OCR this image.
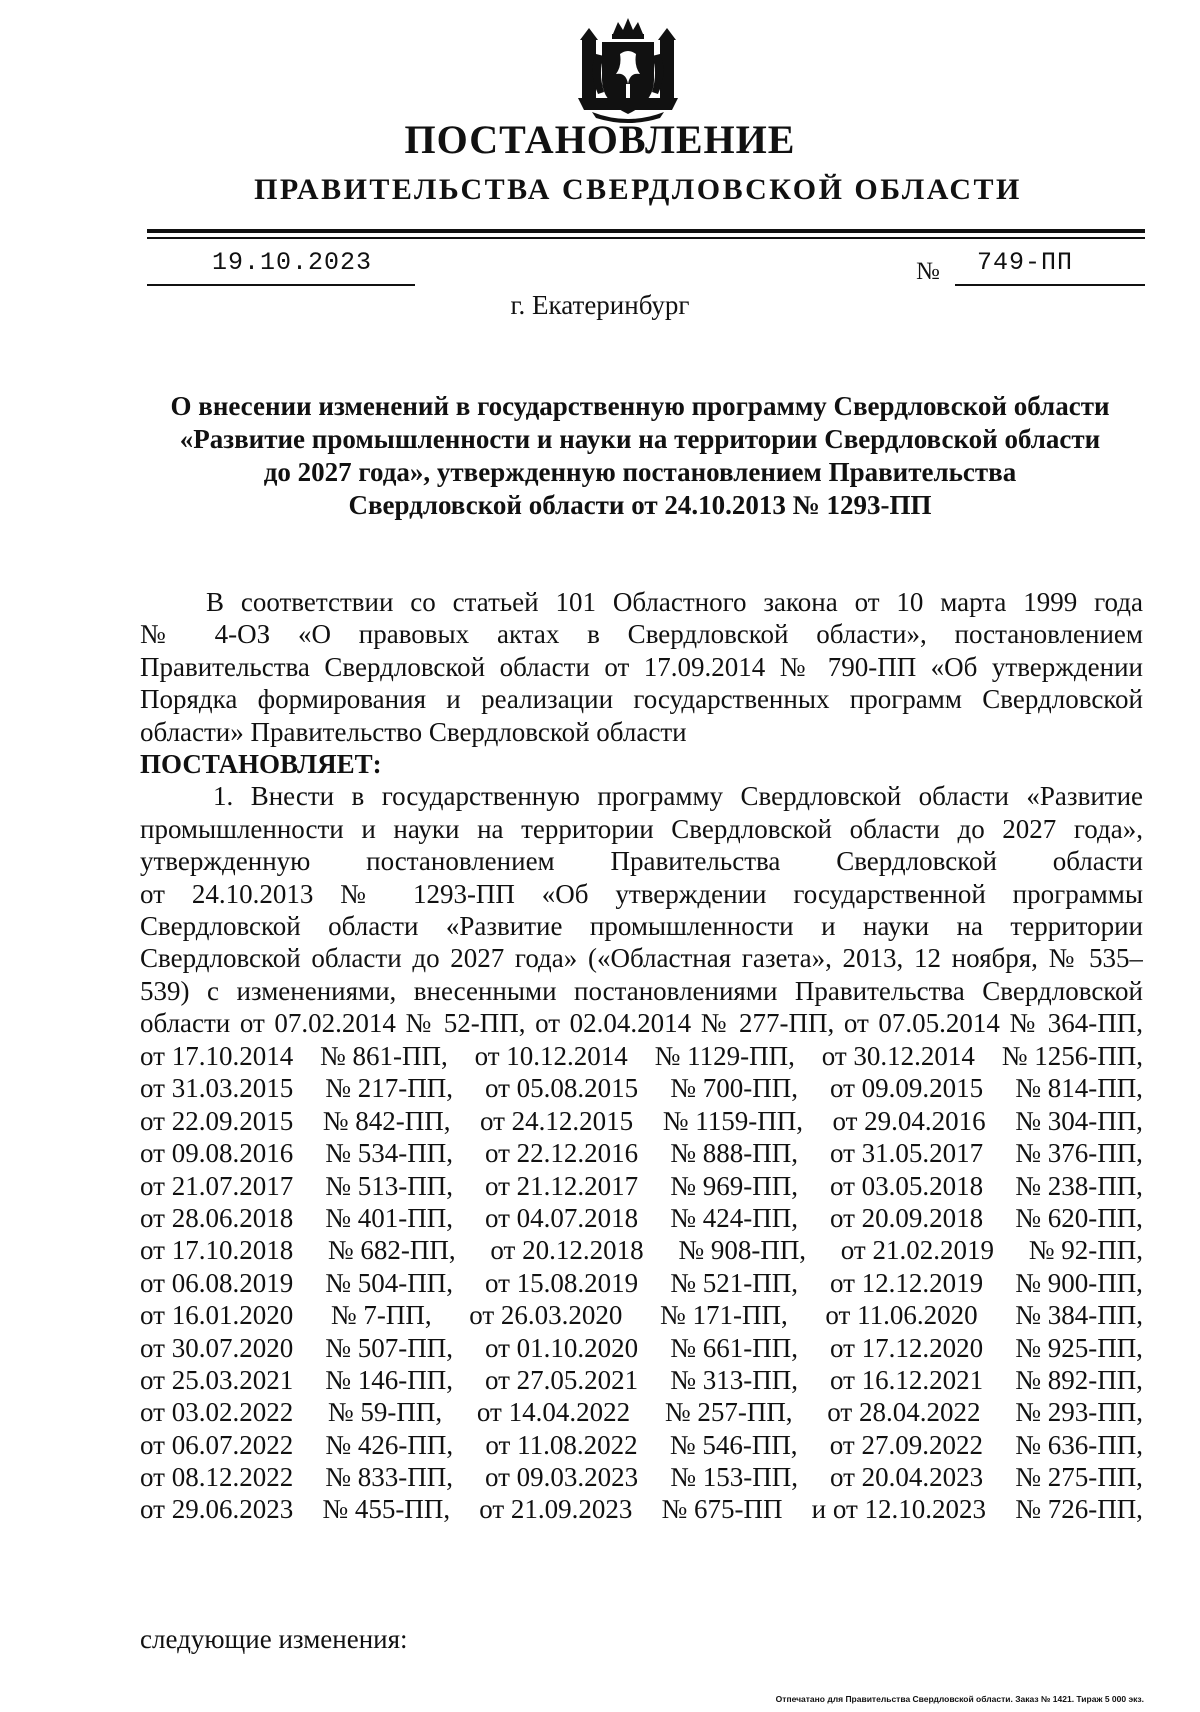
ПОСТАНОВЛЕНИЕ
ПРАВИТЕЛЬСТВА СВЕРДЛОВСКОЙ ОБЛАСТИ
19.10.2023	№ 749-ПП
г. Екатеринбург
О внесении изменений в государственную программу Свердловской области
«Развитие промышленности и науки на территории Свердловской области
до 2027 года», утвержденную постановлением Правительства
Свердловской области от 24.10.2013 № 1293-ПП
В соответствии со статьей 101 Областного закона от 10 марта 1999 года
№ 4-ОЗ «О правовых актах в Свердловской области», постановлением
Правительства Свердловской области от 17.09.2014 № 790-ПП «Об утверждении
Порядка формирования и реализации государственных программ Свердловской
области» Правительство Свердловской области
ПОСТАНОВЛЯЕТ:
1. Внести в государственную программу Свердловской области «Развитие
промышленности и науки на территории Свердловской области до 2027 года»,
утвержденную постановлением Правительства Свердловской области
от 24.10.2013 № 1293-ПП «Об утверждении государственной программы
Свердловской области «Развитие промышленности и науки на территории
Свердловской области до 2027 года» («Областная газета», 2013, 12 ноября, № 535–
539) с изменениями, внесенными постановлениями Правительства Свердловской
области от 07.02.2014 № 52-ПП, от 02.04.2014 № 277-ПП, от 07.05.2014 № 364-ПП,
от 17.10.2014 № 861-ПП, от 10.12.2014 № 1129-ПП, от 30.12.2014 № 1256-ПП,
от 31.03.2015 № 217-ПП, от 05.08.2015 № 700-ПП, от 09.09.2015 № 814-ПП,
от 22.09.2015 № 842-ПП, от 24.12.2015 № 1159-ПП, от 29.04.2016 № 304-ПП,
от 09.08.2016 № 534-ПП, от 22.12.2016 № 888-ПП, от 31.05.2017 № 376-ПП,
от 21.07.2017 № 513-ПП, от 21.12.2017 № 969-ПП, от 03.05.2018 № 238-ПП,
от 28.06.2018 № 401-ПП, от 04.07.2018 № 424-ПП, от 20.09.2018 № 620-ПП,
от 17.10.2018 № 682-ПП, от 20.12.2018 № 908-ПП, от 21.02.2019 № 92-ПП,
от 06.08.2019 № 504-ПП, от 15.08.2019 № 521-ПП, от 12.12.2019 № 900-ПП,
от 16.01.2020 № 7-ПП, от 26.03.2020 № 171-ПП, от 11.06.2020 № 384-ПП,
от 30.07.2020 № 507-ПП, от 01.10.2020 № 661-ПП, от 17.12.2020 № 925-ПП,
от 25.03.2021 № 146-ПП, от 27.05.2021 № 313-ПП, от 16.12.2021 № 892-ПП,
от 03.02.2022 № 59-ПП, от 14.04.2022 № 257-ПП, от 28.04.2022 № 293-ПП,
от 06.07.2022 № 426-ПП, от 11.08.2022 № 546-ПП, от 27.09.2022 № 636-ПП,
от 08.12.2022 № 833-ПП, от 09.03.2023 № 153-ПП, от 20.04.2023 № 275-ПП,
от 29.06.2023 № 455-ПП, от 21.09.2023 № 675-ПП и от 12.10.2023 № 726-ПП,
следующие изменения:
Отпечатано для Правительства Свердловской области. Заказ № 1421. Тираж 5 000 экз.
